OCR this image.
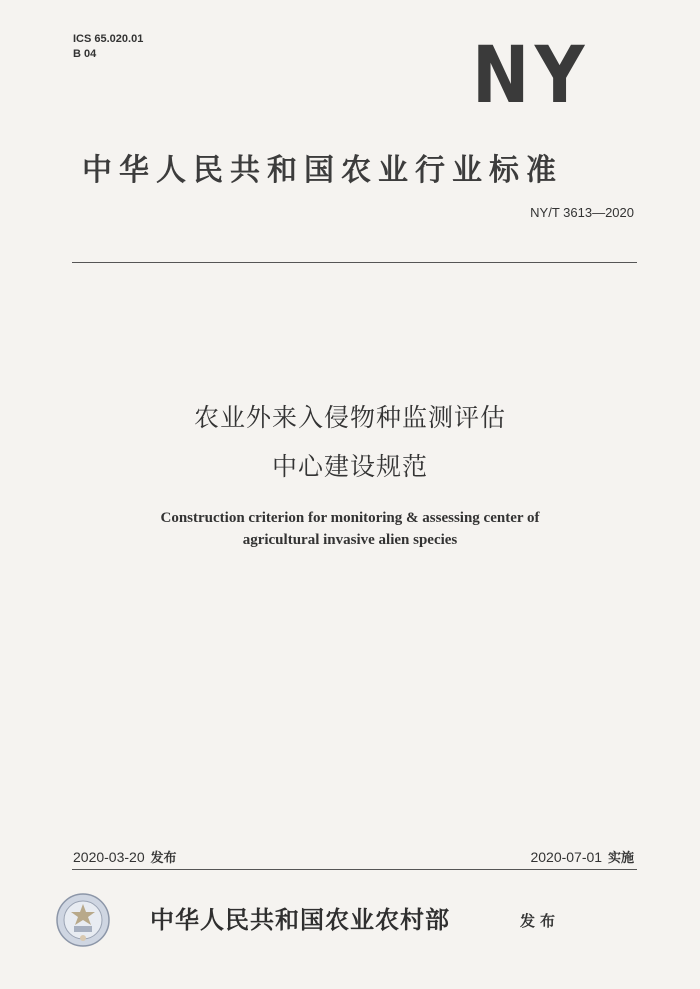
ICS 65.020.01
B 04	NY
中华人民共和国农业行业标准
NY/T 3613—2020
农业外来入侵物种监测评估
中心建设规范
Construction criterion for monitoring & assessing center of
agricultural invasive alien species
2020-03-20 发布	2020-07-01 实施
中华人民共和国农业农村部	发布
